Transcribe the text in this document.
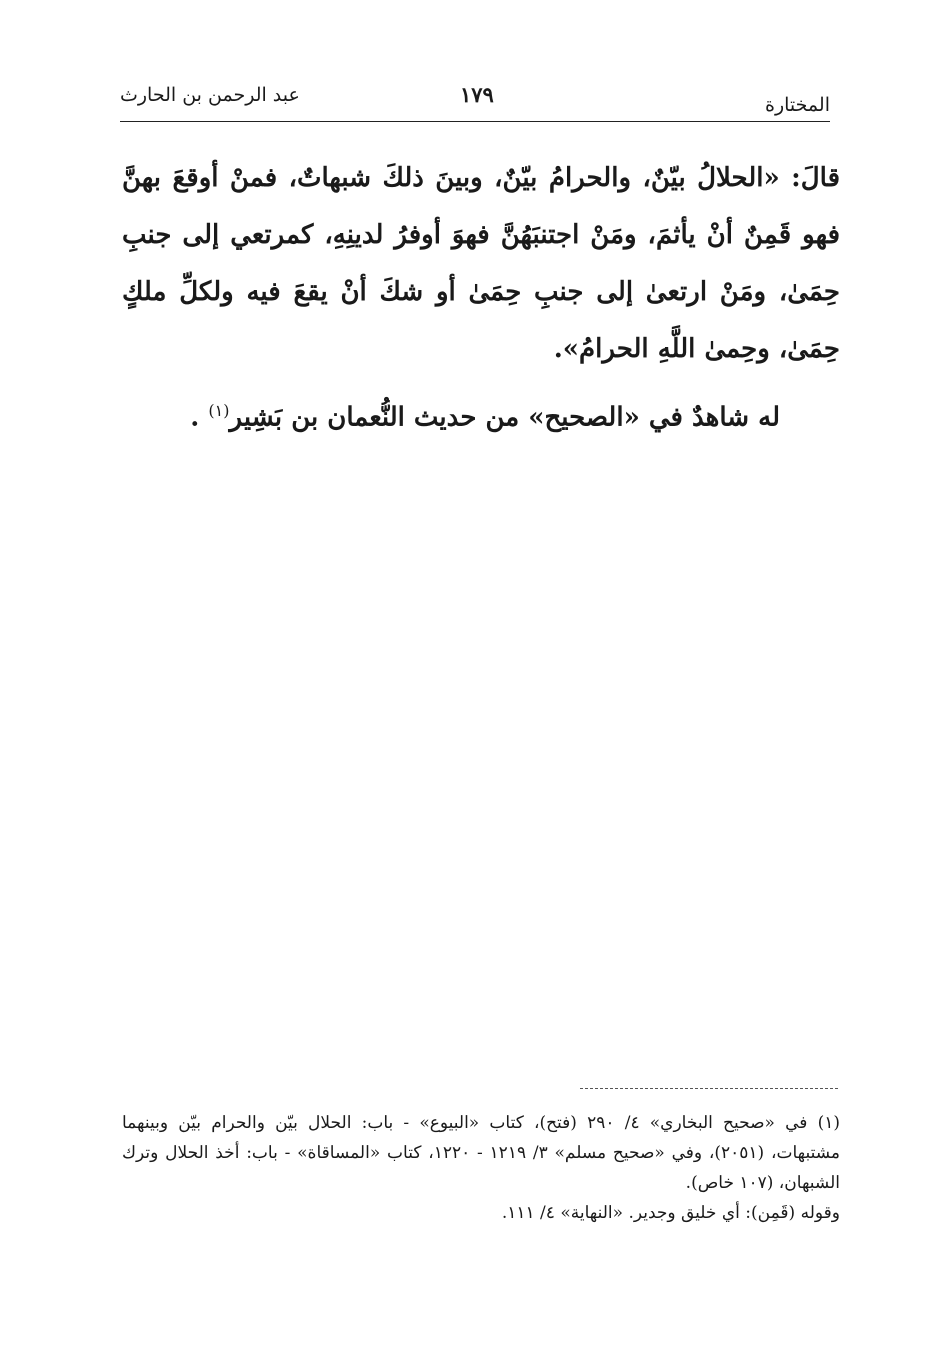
المختارة
١٧٩
عبد الرحمن بن الحارث

قالَ: «الحلالُ بيّنٌ، والحرامُ بيّنٌ، وبينَ ذلكَ شبهاتٌ، فمنْ أوقعَ بهنَّ فهو قَمِنٌ أنْ يأثمَ، ومَنْ اجتنبَهُنَّ فهوَ أوفرُ لدينِهِ، كمرتعي إلى جنبِ حِمَىٰ، ومَنْ ارتعىٰ إلى جنبِ حِمَىٰ أو شكَ أنْ يقعَ فيه ولكلِّ ملكٍ حِمَىٰ، وحِمىٰ اللَّهِ الحرامُ».

له شاهدٌ في «الصحيح» من حديث النُّعمان بن بَشِير$^{(١)}$ .

(١) في «صحيح البخاري» ٤/ ٢٩٠ (فتح)، كتاب «البيوع» - باب: الحلال بيّن والحرام بيّن وبينهما مشتبهات، (٢٠٥١)، وفي «صحيح مسلم» ٣/ ١٢١٩ - ١٢٢٠، كتاب «المساقاة» - باب: أخذ الحلال وترك الشبهان، (١٠٧ خاص).

وقوله (قَمِن): أي خليق وجدير. «النهاية» ٤/ ١١١.
